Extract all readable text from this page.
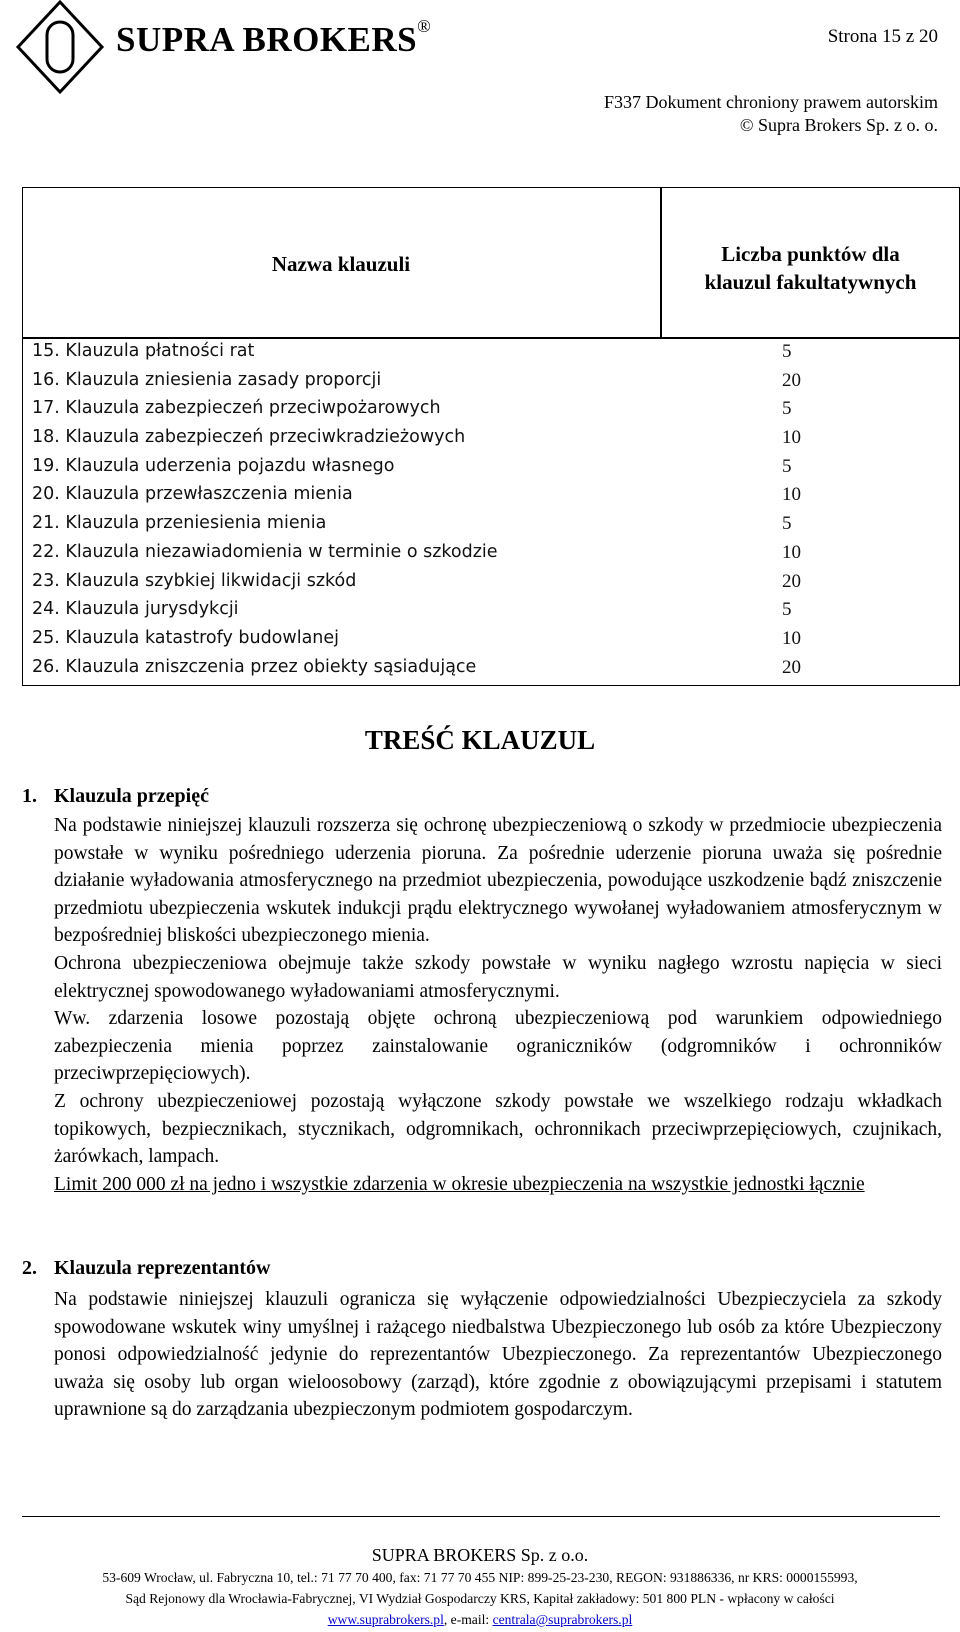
SUPRA BROKERS®	Strona 15 z 20
F337 Dokument chroniony prawem autorskim
© Supra Brokers Sp. z o. o.
Nazwa klauzuli	Liczba punktów dla
klauzul fakultatywnych
15. Klauzula płatności rat	5
16. Klauzula zniesienia zasady proporcji	20
17. Klauzula zabezpieczeń przeciwpożarowych	5
18. Klauzula zabezpieczeń przeciwkradzieżowych	10
19. Klauzula uderzenia pojazdu własnego	5
20. Klauzula przewłaszczenia mienia	10
21. Klauzula przeniesienia mienia	5
22. Klauzula niezawiadomienia w terminie o szkodzie	10
23. Klauzula szybkiej likwidacji szkód	20
24. Klauzula jurysdykcji	5
25. Klauzula katastrofy budowlanej	10
26. Klauzula zniszczenia przez obiekty sąsiadujące	20
TREŚĆ KLAUZUL
1. Klauzula przepięć
Na podstawie niniejszej klauzuli rozszerza się ochronę ubezpieczeniową o szkody w przedmiocie ubezpieczenia powstałe w wyniku pośredniego uderzenia pioruna. Za pośrednie uderzenie pioruna uważa się pośrednie działanie wyładowania atmosferycznego na przedmiot ubezpieczenia, powodujące uszkodzenie bądź zniszczenie przedmiotu ubezpieczenia wskutek indukcji prądu elektrycznego wywołanej wyładowaniem atmosferycznym w bezpośredniej bliskości ubezpieczonego mienia.
Ochrona ubezpieczeniowa obejmuje także szkody powstałe w wyniku nagłego wzrostu napięcia w sieci elektrycznej spowodowanego wyładowaniami atmosferycznymi.
Ww. zdarzenia losowe pozostają objęte ochroną ubezpieczeniową pod warunkiem odpowiedniego zabezpieczenia mienia poprzez zainstalowanie ograniczników (odgromników i ochronników przeciwprzepięciowych).
Z ochrony ubezpieczeniowej pozostają wyłączone szkody powstałe we wszelkiego rodzaju wkładkach topikowych, bezpiecznikach, stycznikach, odgromnikach, ochronnikach przeciwprzepięciowych, czujnikach, żarówkach, lampach.
Limit 200 000 zł na jedno i wszystkie zdarzenia w okresie ubezpieczenia na wszystkie jednostki łącznie
2. Klauzula reprezentantów
Na podstawie niniejszej klauzuli ogranicza się wyłączenie odpowiedzialności Ubezpieczyciela za szkody spowodowane wskutek winy umyślnej i rażącego niedbalstwa Ubezpieczonego lub osób za które Ubezpieczony ponosi odpowiedzialność jedynie do reprezentantów Ubezpieczonego. Za reprezentantów Ubezpieczonego uważa się osoby lub organ wieloosobowy (zarząd), które zgodnie z obowiązującymi przepisami i statutem uprawnione są do zarządzania ubezpieczonym podmiotem gospodarczym.
SUPRA BROKERS Sp. z o.o.
53-609 Wrocław, ul. Fabryczna 10, tel.: 71 77 70 400, fax: 71 77 70 455 NIP: 899-25-23-230, REGON: 931886336, nr KRS: 0000155993,
Sąd Rejonowy dla Wrocławia-Fabrycznej, VI Wydział Gospodarczy KRS, Kapitał zakładowy: 501 800 PLN - wpłacony w całości
www.suprabrokers.pl, e-mail: centrala@suprabrokers.pl
